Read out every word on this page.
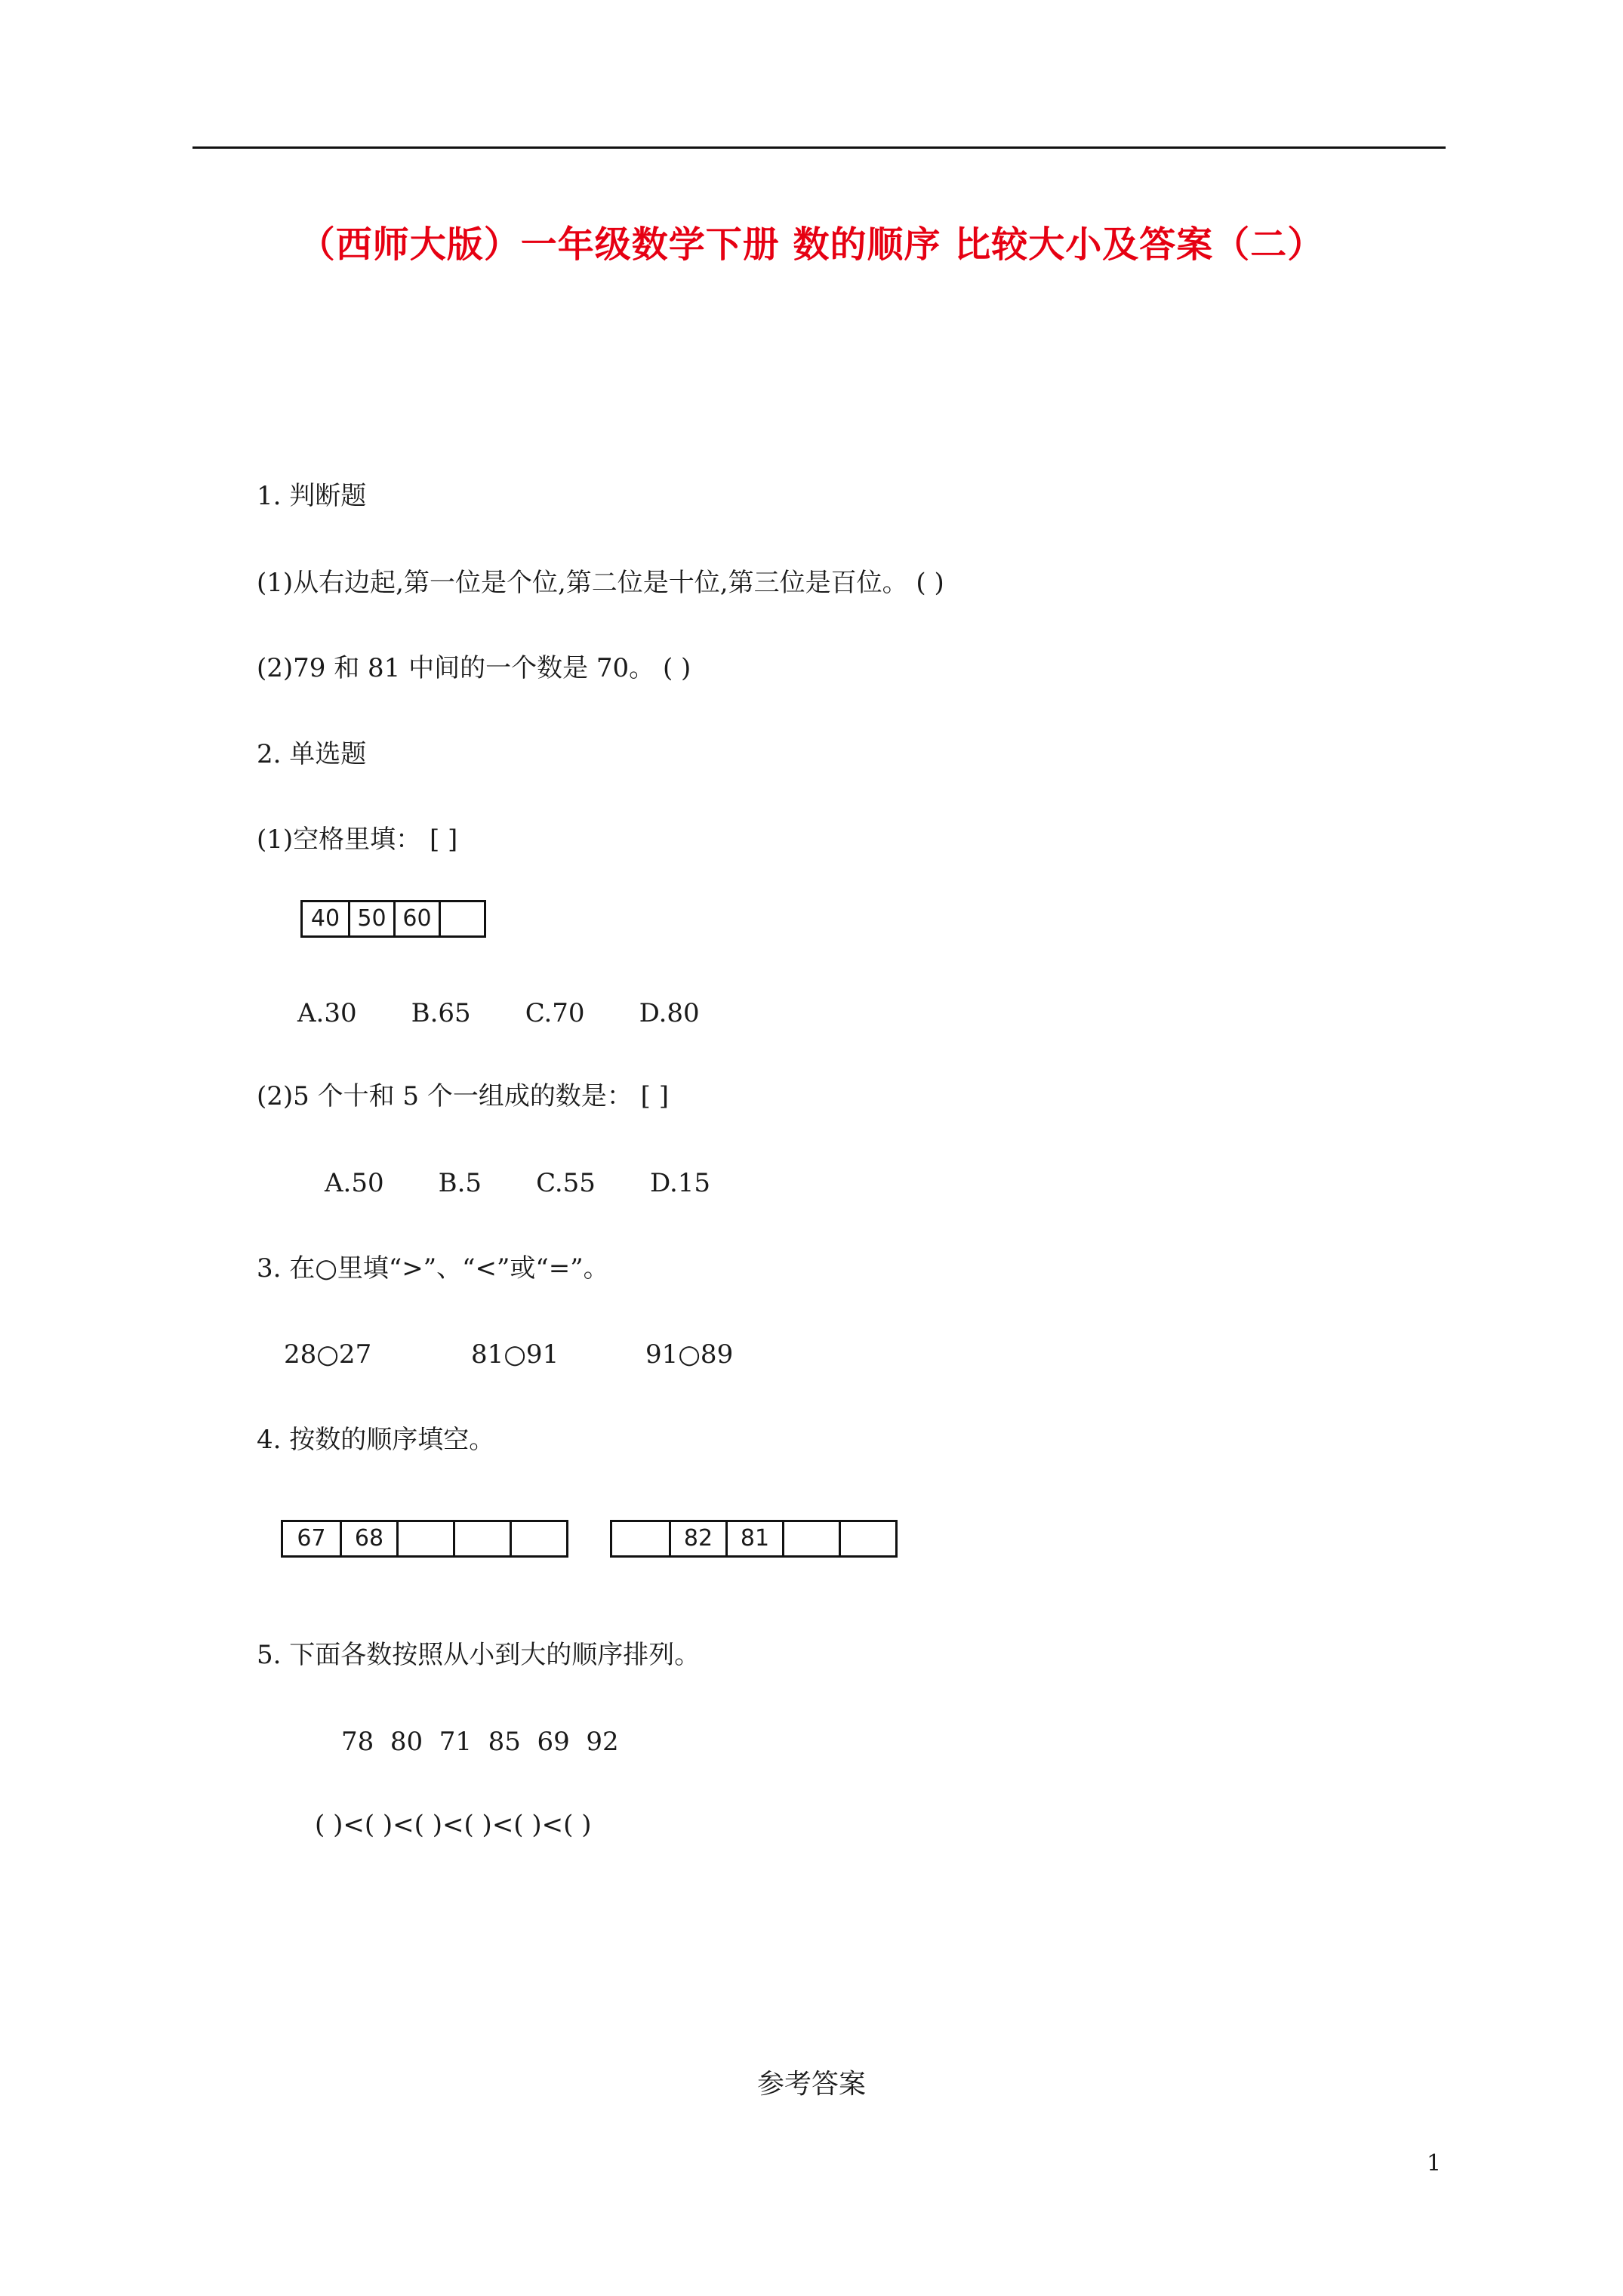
（西师大版）一年级数学下册 数的顺序 比较大小及答案（二）
1. 判断题
(1)从右边起,第一位是个位,第二位是十位,第三位是百位。 ( )
(2)79 和 81 中间的一个数是 70。 ( )
2. 单选题
(1)空格里填： [ ]
40 50 60
A.30 B.65 C.70 D.80
(2)5 个十和 5 个一组成的数是： [ ]
A.50 B.5 C.55 D.15
3. 在○里填“>”、“<”或“=”。
28○27	81○91	91○89
4. 按数的顺序填空。
67	68	82	81
5. 下面各数按照从小到大的顺序排列。
78  80  71  85  69  92
( )<( )<( )<( )<( )<( )
参考答案
1
